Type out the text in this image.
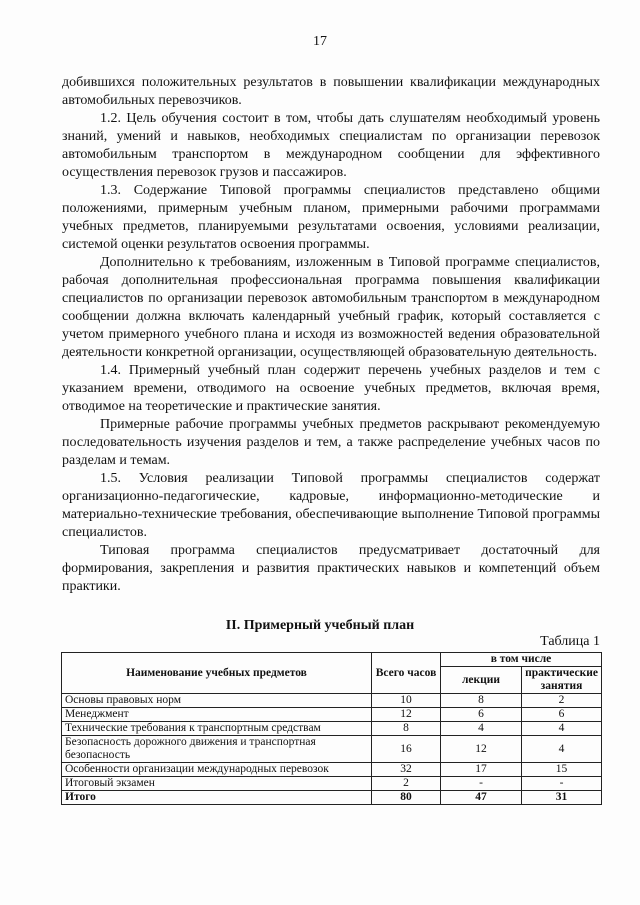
17

добившихся положительных результатов в повышении квалификации международных автомобильных перевозчиков.

1.2. Цель обучения состоит в том, чтобы дать слушателям необходимый уровень знаний, умений и навыков, необходимых специалистам по организации перевозок автомобильным транспортом в международном сообщении для эффективного осуществления перевозок грузов и пассажиров.

1.3. Содержание Типовой программы специалистов представлено общими положениями, примерным учебным планом, примерными рабочими программами учебных предметов, планируемыми результатами освоения, условиями реализации, системой оценки результатов освоения программы.

Дополнительно к требованиям, изложенным в Типовой программе специалистов, рабочая дополнительная профессиональная программа повышения квалификации специалистов по организации перевозок автомобильным транспортом в международном сообщении должна включать календарный учебный график, который составляется с учетом примерного учебного плана и исходя из возможностей ведения образовательной деятельности конкретной организации, осуществляющей образовательную деятельность.

1.4. Примерный учебный план содержит перечень учебных разделов и тем с указанием времени, отводимого на освоение учебных предметов, включая время, отводимое на теоретические и практические занятия.

Примерные рабочие программы учебных предметов раскрывают рекомендуемую последовательность изучения разделов и тем, а также распределение учебных часов по разделам и темам.

1.5. Условия реализации Типовой программы специалистов содержат организационно-педагогические, кадровые, информационно-методические и материально-технические требования, обеспечивающие выполнение Типовой программы специалистов.

Типовая программа специалистов предусматривает достаточный для формирования, закрепления и развития практических навыков и компетенций объем практики.

II. Примерный учебный план
Таблица 1
Наименование учебных предметов	Всего часов	в том числе	
		лекции	практические занятия
Основы правовых норм	10	8	2
Менеджмент	12	6	6
Технические требования к транспортным средствам	8	4	4
Безопасность дорожного движения и транспортная безопасность	16	12	4
Особенности организации международных перевозок	32	17	15
Итоговый экзамен	2	-	-
Итого	80	47	31
